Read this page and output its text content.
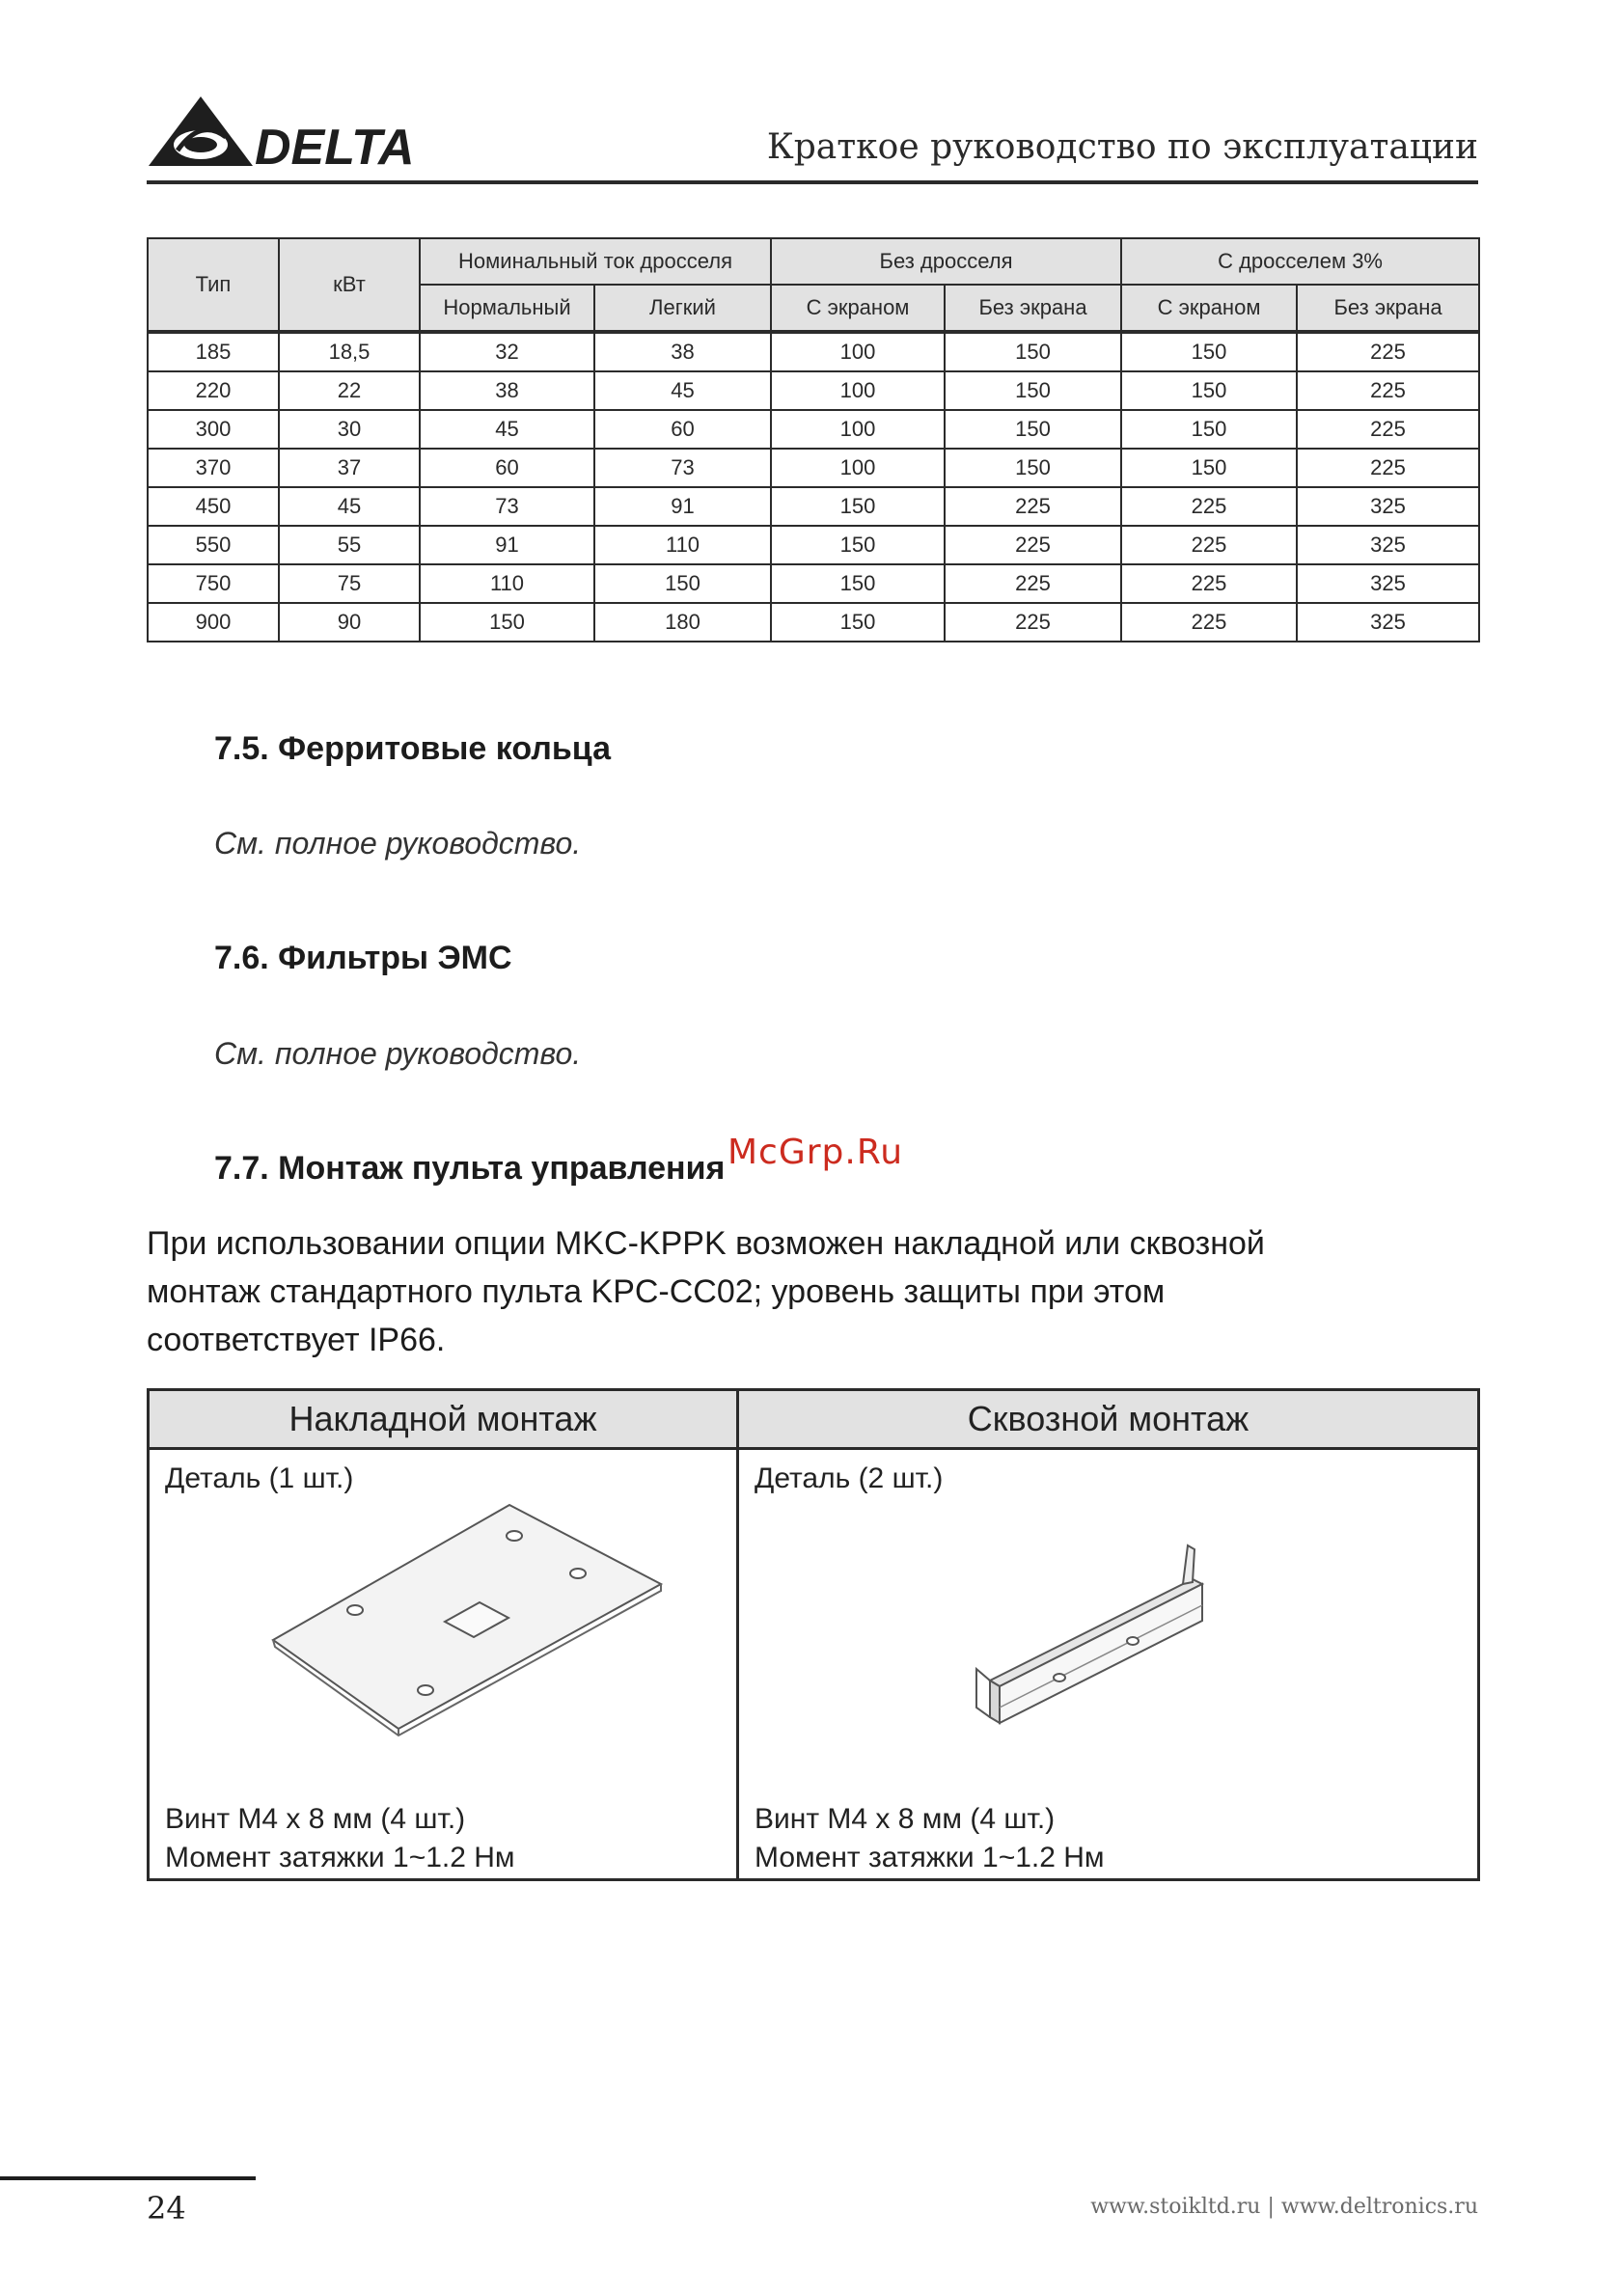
DELTA	Краткое руководство по эксплуатации
Тип	кВт	Номинальный ток дросселя		Без дросселя		С дросселем 3%	
		Нормальный	Легкий	С экраном	Без экрана	С экраном	Без экрана
185	18,5	32	38	100	150	150	225
220	22	38	45	100	150	150	225
300	30	45	60	100	150	150	225
370	37	60	73	100	150	150	225
450	45	73	91	150	225	225	325
550	55	91	110	150	225	225	325
750	75	110	150	150	225	225	325
900	90	150	180	150	225	225	325
7.5. Ферритовые кольца
См. полное руководство.
7.6. Фильтры ЭМС
См. полное руководство.
7.7. Монтаж пульта управления McGrp.Ru
При использовании опции MKC-KPPK возможен накладной или сквозной
монтаж стандартного пульта KPC-CC02; уровень защиты при этом
соответствует IP66.
Накладной монтаж
Деталь (1 шт.)
Винт M4 x 8 мм (4 шт.)
Момент затяжки 1~1.2 Нм
Сквозной монтаж
Деталь (2 шт.)
Винт M4 x 8 мм (4 шт.)
Момент затяжки 1~1.2 Нм
24	www.stoikltd.ru | www.deltronics.ru
